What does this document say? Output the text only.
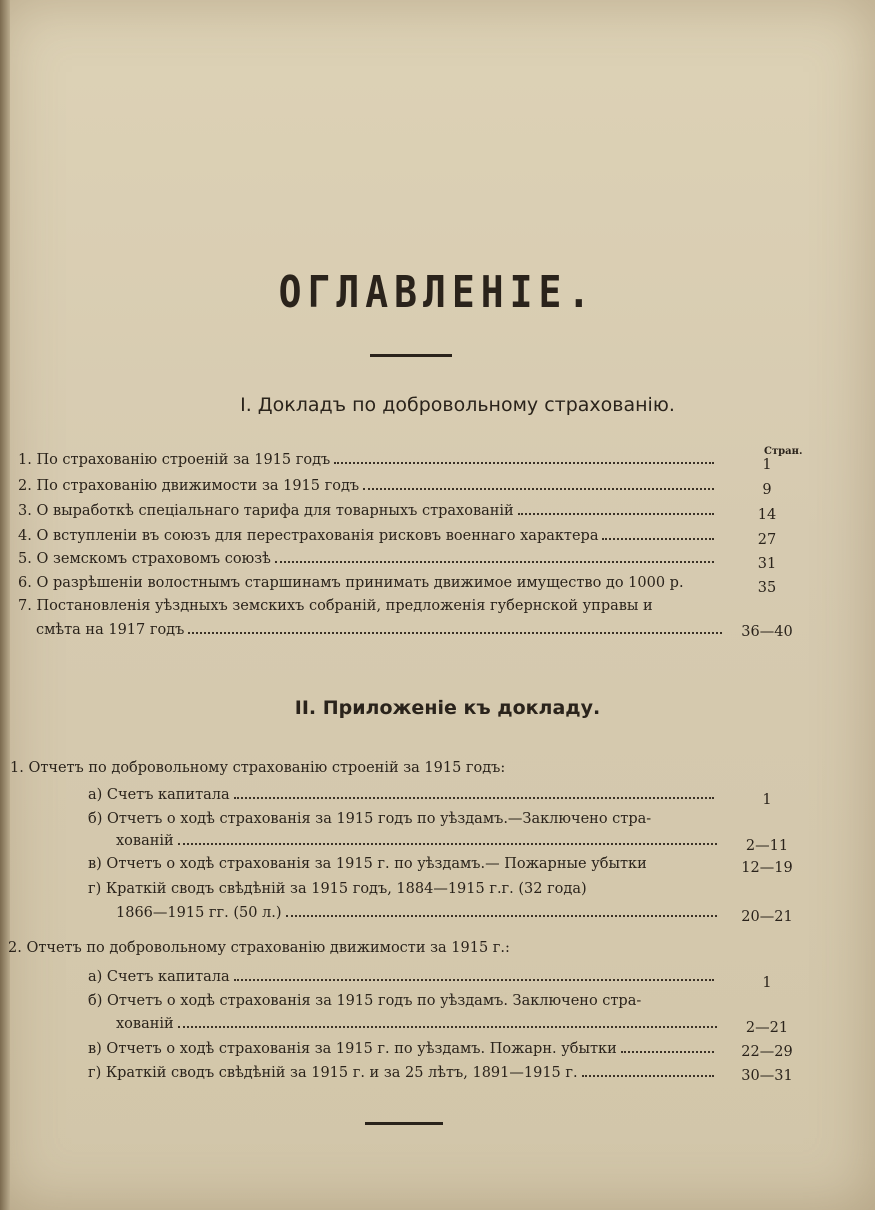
ОГЛАВЛЕНІЕ.
I. Докладъ по добровольному страхованію.
Стран.
1.
По страхованію строеній за 1915 годъ	1
2.
По страхованію движимости за 1915 годъ	9
3.
О выработкѣ спеціальнаго тарифа для товарныхъ страхованій	14
4.
О вступленіи въ союзъ для перестрахованія рисковъ военнаго характера	27
5.
О земскомъ страховомъ союзѣ	31
6.
О разрѣшеніи волостнымъ старшинамъ принимать движимое имущество до 1000 р.	35
7.
Постановленія уѣздныхъ земскихъ собраній, предложенія губернской управы и
смѣта на 1917 годъ	36—40
II. Приложеніе къ докладу.
1.
Отчетъ по добровольному страхованію строеній за 1915 годъ:
а) Счетъ капитала	1
б) Отчетъ о ходѣ страхованія за 1915 годъ по уѣздамъ.—Заключено стра-
хованій	2—11
в) Отчетъ о ходѣ страхованія за 1915 г. по уѣздамъ.— Пожарные убытки	12—19
г) Краткій сводъ свѣдѣній за 1915 годъ, 1884—1915 г.г. (32 года)
1866—1915 гг. (50 л.)	20—21
2.
Отчетъ по добровольному страхованію движимости за 1915 г.:
а) Счетъ капитала	1
б) Отчетъ о ходѣ страхованія за 1915 годъ по уѣздамъ. Заключено стра-
хованій	2—21
в) Отчетъ о ходѣ страхованія за 1915 г. по уѣздамъ. Пожарн. убытки	22—29
г) Краткій сводъ свѣдѣній за 1915 г. и за 25 лѣтъ, 1891—1915 г.	30—31
